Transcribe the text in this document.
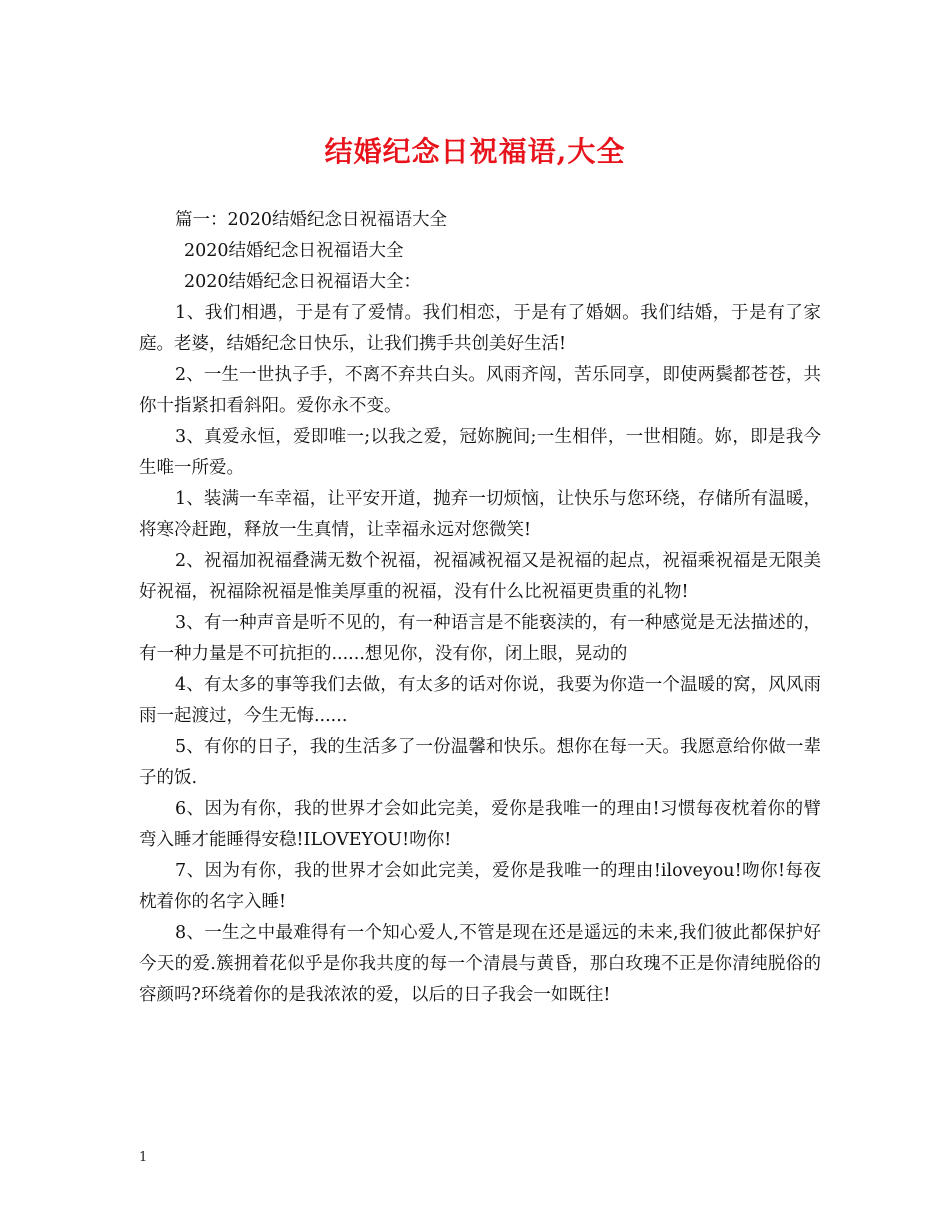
结婚纪念日祝福语,大全
篇一：2020结婚纪念日祝福语大全
2020结婚纪念日祝福语大全
2020结婚纪念日祝福语大全：

1、我们相遇，于是有了爱情。我们相恋，于是有了婚姻。我们结婚，于是有了家庭。老婆，结婚纪念日快乐，让我们携手共创美好生活!

2、一生一世执子手，不离不弃共白头。风雨齐闯，苦乐同享，即使两鬓都苍苍，共你十指紧扣看斜阳。爱你永不变。

3、真爱永恒，爱即唯一;以我之爱，冠妳腕间;一生相伴，一世相随。妳，即是我今生唯一所爱。

1、装满一车幸福，让平安开道，抛弃一切烦恼，让快乐与您环绕，存储所有温暖，将寒冷赶跑，释放一生真情，让幸福永远对您微笑!

2、祝福加祝福叠满无数个祝福，祝福减祝福又是祝福的起点，祝福乘祝福是无限美好祝福，祝福除祝福是惟美厚重的祝福，没有什么比祝福更贵重的礼物!

3、有一种声音是听不见的，有一种语言是不能亵渎的，有一种感觉是无法描述的，有一种力量是不可抗拒的......想见你，没有你，闭上眼，晃动的

4、有太多的事等我们去做，有太多的话对你说，我要为你造一个温暖的窝，风风雨雨一起渡过，今生无悔......

5、有你的日子，我的生活多了一份温馨和快乐。想你在每一天。我愿意给你做一辈子的饭.

6、因为有你，我的世界才会如此完美，爱你是我唯一的理由!习惯每夜枕着你的臂弯入睡才能睡得安稳!ILOVEYOU!吻你!

7、因为有你，我的世界才会如此完美，爱你是我唯一的理由!iloveyou!吻你!每夜枕着你的名字入睡!

8、一生之中最难得有一个知心爱人,不管是现在还是遥远的未来,我们彼此都保护好今天的爱.簇拥着花似乎是你我共度的每一个清晨与黄昏，那白玫瑰不正是你清纯脱俗的容颜吗?环绕着你的是我浓浓的爱，以后的日子我会一如既往!

1
